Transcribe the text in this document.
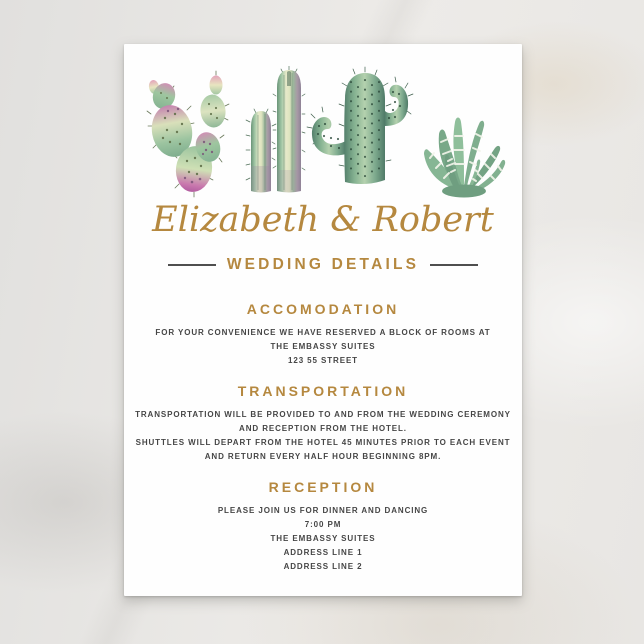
Elizabeth & Robert
WEDDING DETAILS
ACCOMODATION
FOR YOUR CONVENIENCE WE HAVE RESERVED A BLOCK OF ROOMS AT
THE EMBASSY SUITES
123 55 STREET
TRANSPORTATION
TRANSPORTATION WILL BE PROVIDED TO AND FROM THE WEDDING CEREMONY
AND RECEPTION FROM THE HOTEL.
SHUTTLES WILL DEPART FROM THE HOTEL 45 MINUTES PRIOR TO EACH EVENT
AND RETURN EVERY HALF HOUR BEGINNING 8PM.
RECEPTION
PLEASE JOIN US FOR DINNER AND DANCING
7:00 PM
THE EMBASSY SUITES
ADDRESS LINE 1
ADDRESS LINE 2
